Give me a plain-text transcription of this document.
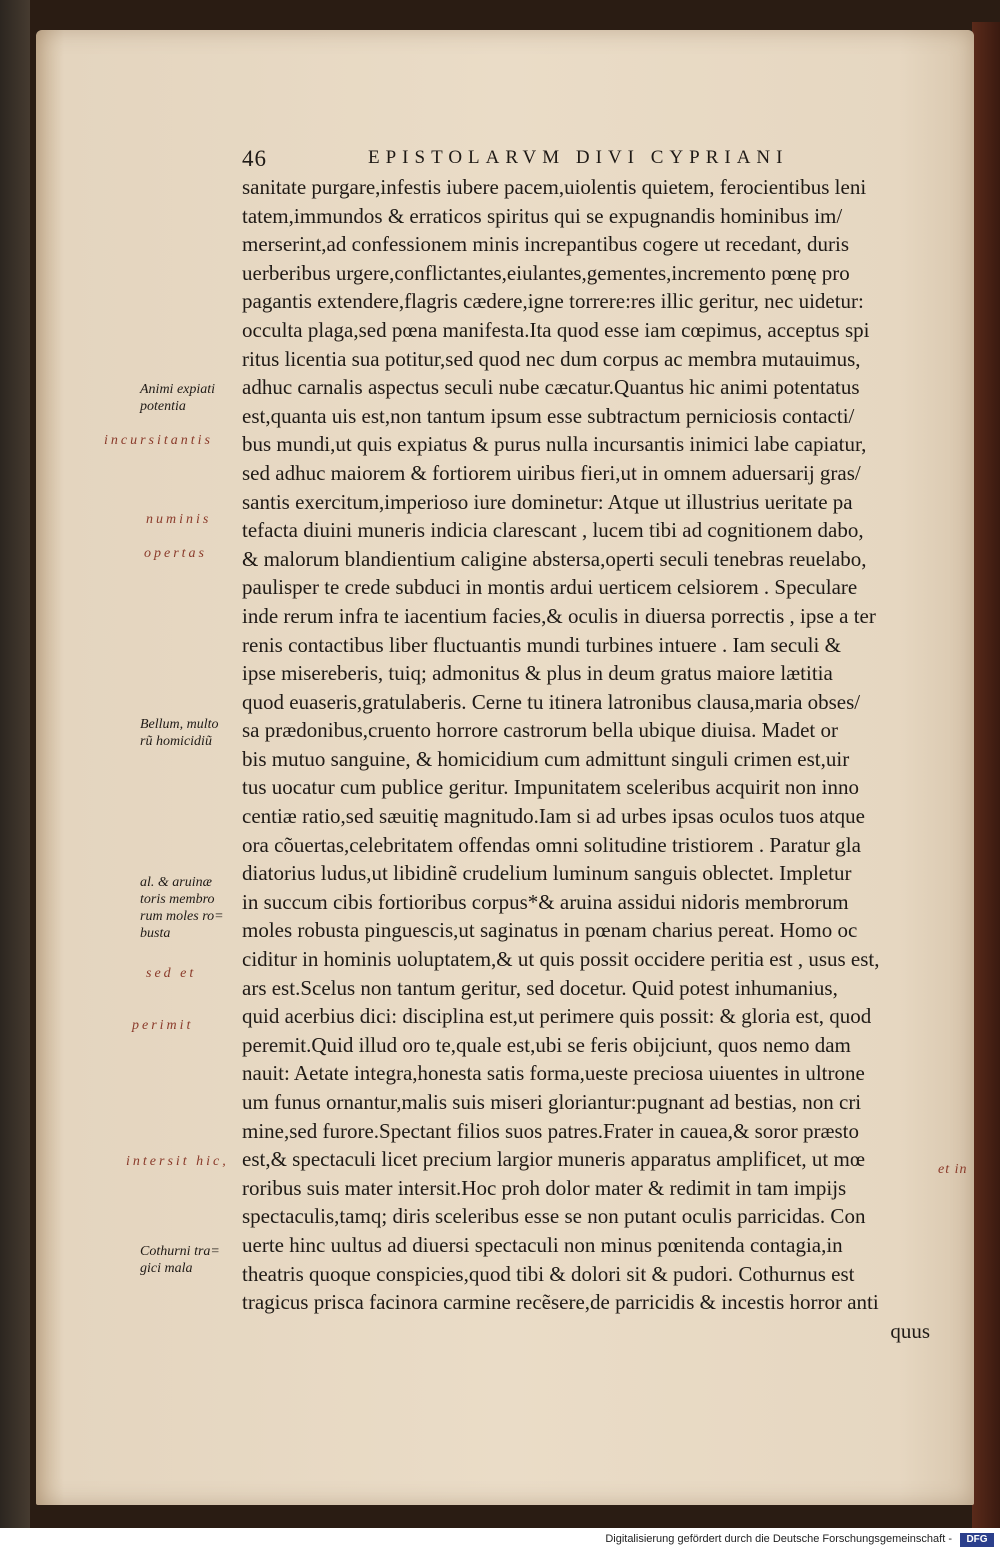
46	EPISTOLARVM DIVI CYPRIANI
sanitate purgare,infestis iubere pacem,uiolentis quietem, ferocientibus leni
tatem,immundos & erraticos spiritus qui se expugnandis hominibus im/
merserint,ad confessionem minis increpantibus cogere ut recedant, duris
uerberibus urgere,conflictantes,eiulantes,gementes,incremento pœnę pro
pagantis extendere,flagris cædere,igne torrere:res illic geritur, nec uidetur:
occulta plaga,sed pœna manifesta.Ita quod esse iam cœpimus, acceptus spi
ritus licentia sua potitur,sed quod nec dum corpus ac membra mutauimus,
adhuc carnalis aspectus seculi nube cæcatur.Quantus hic animi potentatus
est,quanta uis est,non tantum ipsum esse subtractum perniciosis contacti/
bus mundi,ut quis expiatus & purus nulla incursantis inimici labe capiatur,
sed adhuc maiorem & fortiorem uiribus fieri,ut in omnem aduersarij gras/
santis exercitum,imperioso iure dominetur: Atque ut illustrius ueritate pa
tefacta diuini muneris indicia clarescant , lucem tibi ad cognitionem dabo,
& malorum blandientium caligine abstersa,operti seculi tenebras reuelabo,
paulisper te crede subduci in montis ardui uerticem celsiorem . Speculare
inde rerum infra te iacentium facies,& oculis in diuersa porrectis , ipse a ter
renis contactibus liber fluctuantis mundi turbines intuere . Iam seculi &
ipse misereberis, tuiq; admonitus & plus in deum gratus maiore lætitia
quod euaseris,gratulaberis. Cerne tu itinera latronibus clausa,maria obses/
sa prædonibus,cruento horrore castrorum bella ubique diuisa. Madet or
bis mutuo sanguine, & homicidium cum admittunt singuli crimen est,uir
tus uocatur cum publice geritur. Impunitatem sceleribus acquirit non inno
centiæ ratio,sed sæuitię magnitudo.Iam si ad urbes ipsas oculos tuos atque
ora cõuertas,celebritatem offendas omni solitudine tristiorem . Paratur gla
diatorius ludus,ut libidinẽ crudelium luminum sanguis oblectet. Impletur
in succum cibis fortioribus corpus*& aruina assidui nidoris membrorum
moles robusta pinguescis,ut saginatus in pœnam charius pereat. Homo oc
ciditur in hominis uoluptatem,& ut quis possit occidere peritia est , usus est,
ars est.Scelus non tantum geritur, sed docetur. Quid potest inhumanius,
quid acerbius dici: disciplina est,ut perimere quis possit: & gloria est, quod
peremit.Quid illud oro te,quale est,ubi se feris obijciunt, quos nemo dam
nauit: Aetate integra,honesta satis forma,ueste preciosa uiuentes in ultrone
um funus ornantur,malis suis miseri gloriantur:pugnant ad bestias, non cri
mine,sed furore.Spectant filios suos patres.Frater in cauea,& soror præsto
est,& spectaculi licet precium largior muneris apparatus amplificet, ut mœ
roribus suis mater intersit.Hoc proh dolor mater & redimit in tam impijs
spectaculis,tamq; diris sceleribus esse se non putant oculis parricidas. Con
uerte hinc uultus ad diuersi spectaculi non minus pœnitenda contagia,in
theatris quoque conspicies,quod tibi & dolori sit & pudori. Cothurnus est
tragicus prisca facinora carmine recẽsere,de parricidis & incestis horror anti
quus
Animi expiati
potentia
Bellum, multo
rũ homicidiũ
al. & aruinæ
toris membro
rum moles ro=
busta
Cothurni tra=
gici mala
incursitantis
numinis
opertas
sed et
perimit
intersit hic,
et in
Digitalisierung gefördert durch die Deutsche Forschungsgemeinschaft -	DFG
